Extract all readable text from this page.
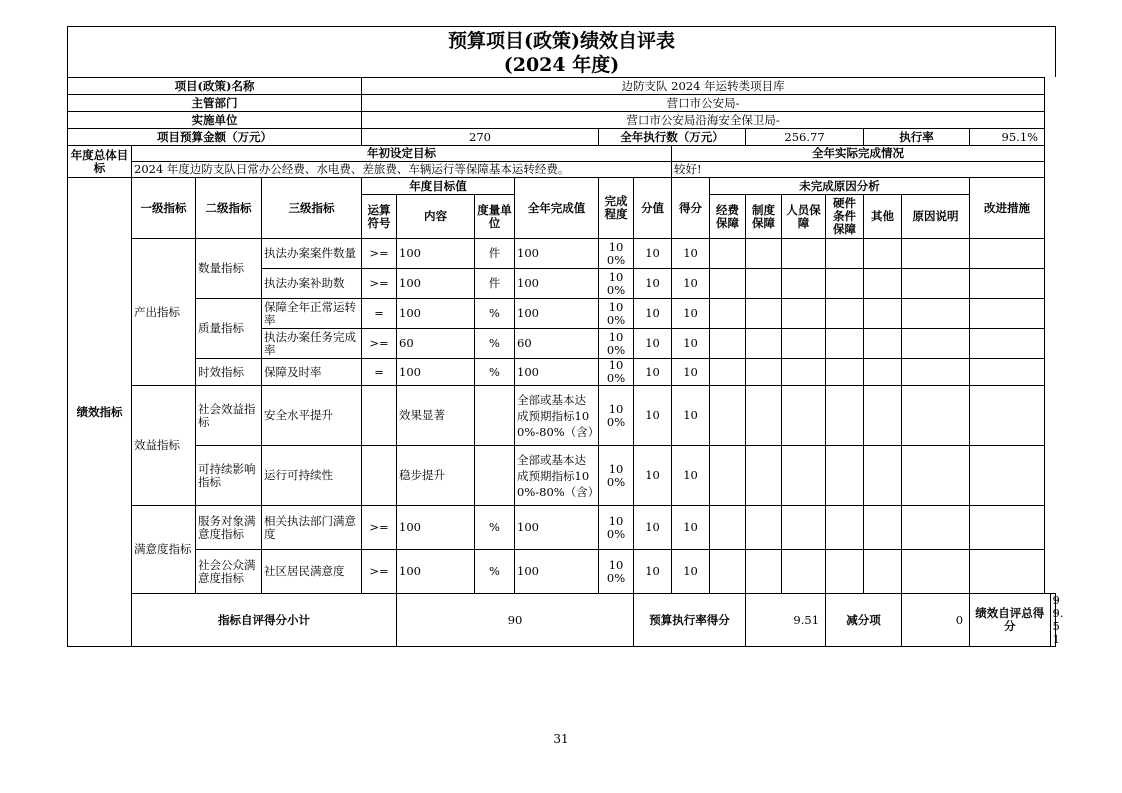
预算项目(政策)绩效自评表
(2024 年度)
项目(政策)名称				边防支队 2024 年运转类项目库														
主管部门				营口市公安局-														
实施单位				营口市公安局沿海安全保卫局-														
项目预算金额（万元）				270				全年执行数（万元）				256.77			执行率		95.1%	
年度总体目标	年初设定目标									全年实际完成情况								
	2024 年度边防支队日常办公经费、水电费、差旅费、车辆运行等保障基本运转经费。									较好!								
绩效指标	一级指标	二级指标	三级指标	年度目标值			全年完成值	完成程度	分值	得分	未完成原因分析						改进措施	
				运算符号	内容	度量单位					经费保障	制度保障	人员保障	硬件条件保障	其他	原因说明		
	产出指标	数量指标	执法办案案件数量	>=	100	件	100	100%	10	10								
			执法办案补助数	>=	100	件	100	100%	10	10								
		质量指标	保障全年正常运转率	=	100	%	100	100%	10	10								
			执法办案任务完成率	>=	60	%	60	100%	10	10								
		时效指标	保障及时率	=	100	%	100	100%	10	10								
	效益指标	社会效益指标	安全水平提升		效果显著		全部或基本达成预期指标100%-80%（含）	100%	10	10								
		可持续影响指标	运行可持续性		稳步提升		全部或基本达成预期指标100%-80%（含）	100%	10	10								
	满意度指标	服务对象满意度指标	相关执法部门满意度	>=	100	%	100	100%	10	10								
		社会公众满意度指标	社区居民满意度	>=	100	%	100	100%	10	10								
	指标自评得分小计				90				预算执行率得分			9.51		减分项		0	绩效自评总得分	99.51
31
